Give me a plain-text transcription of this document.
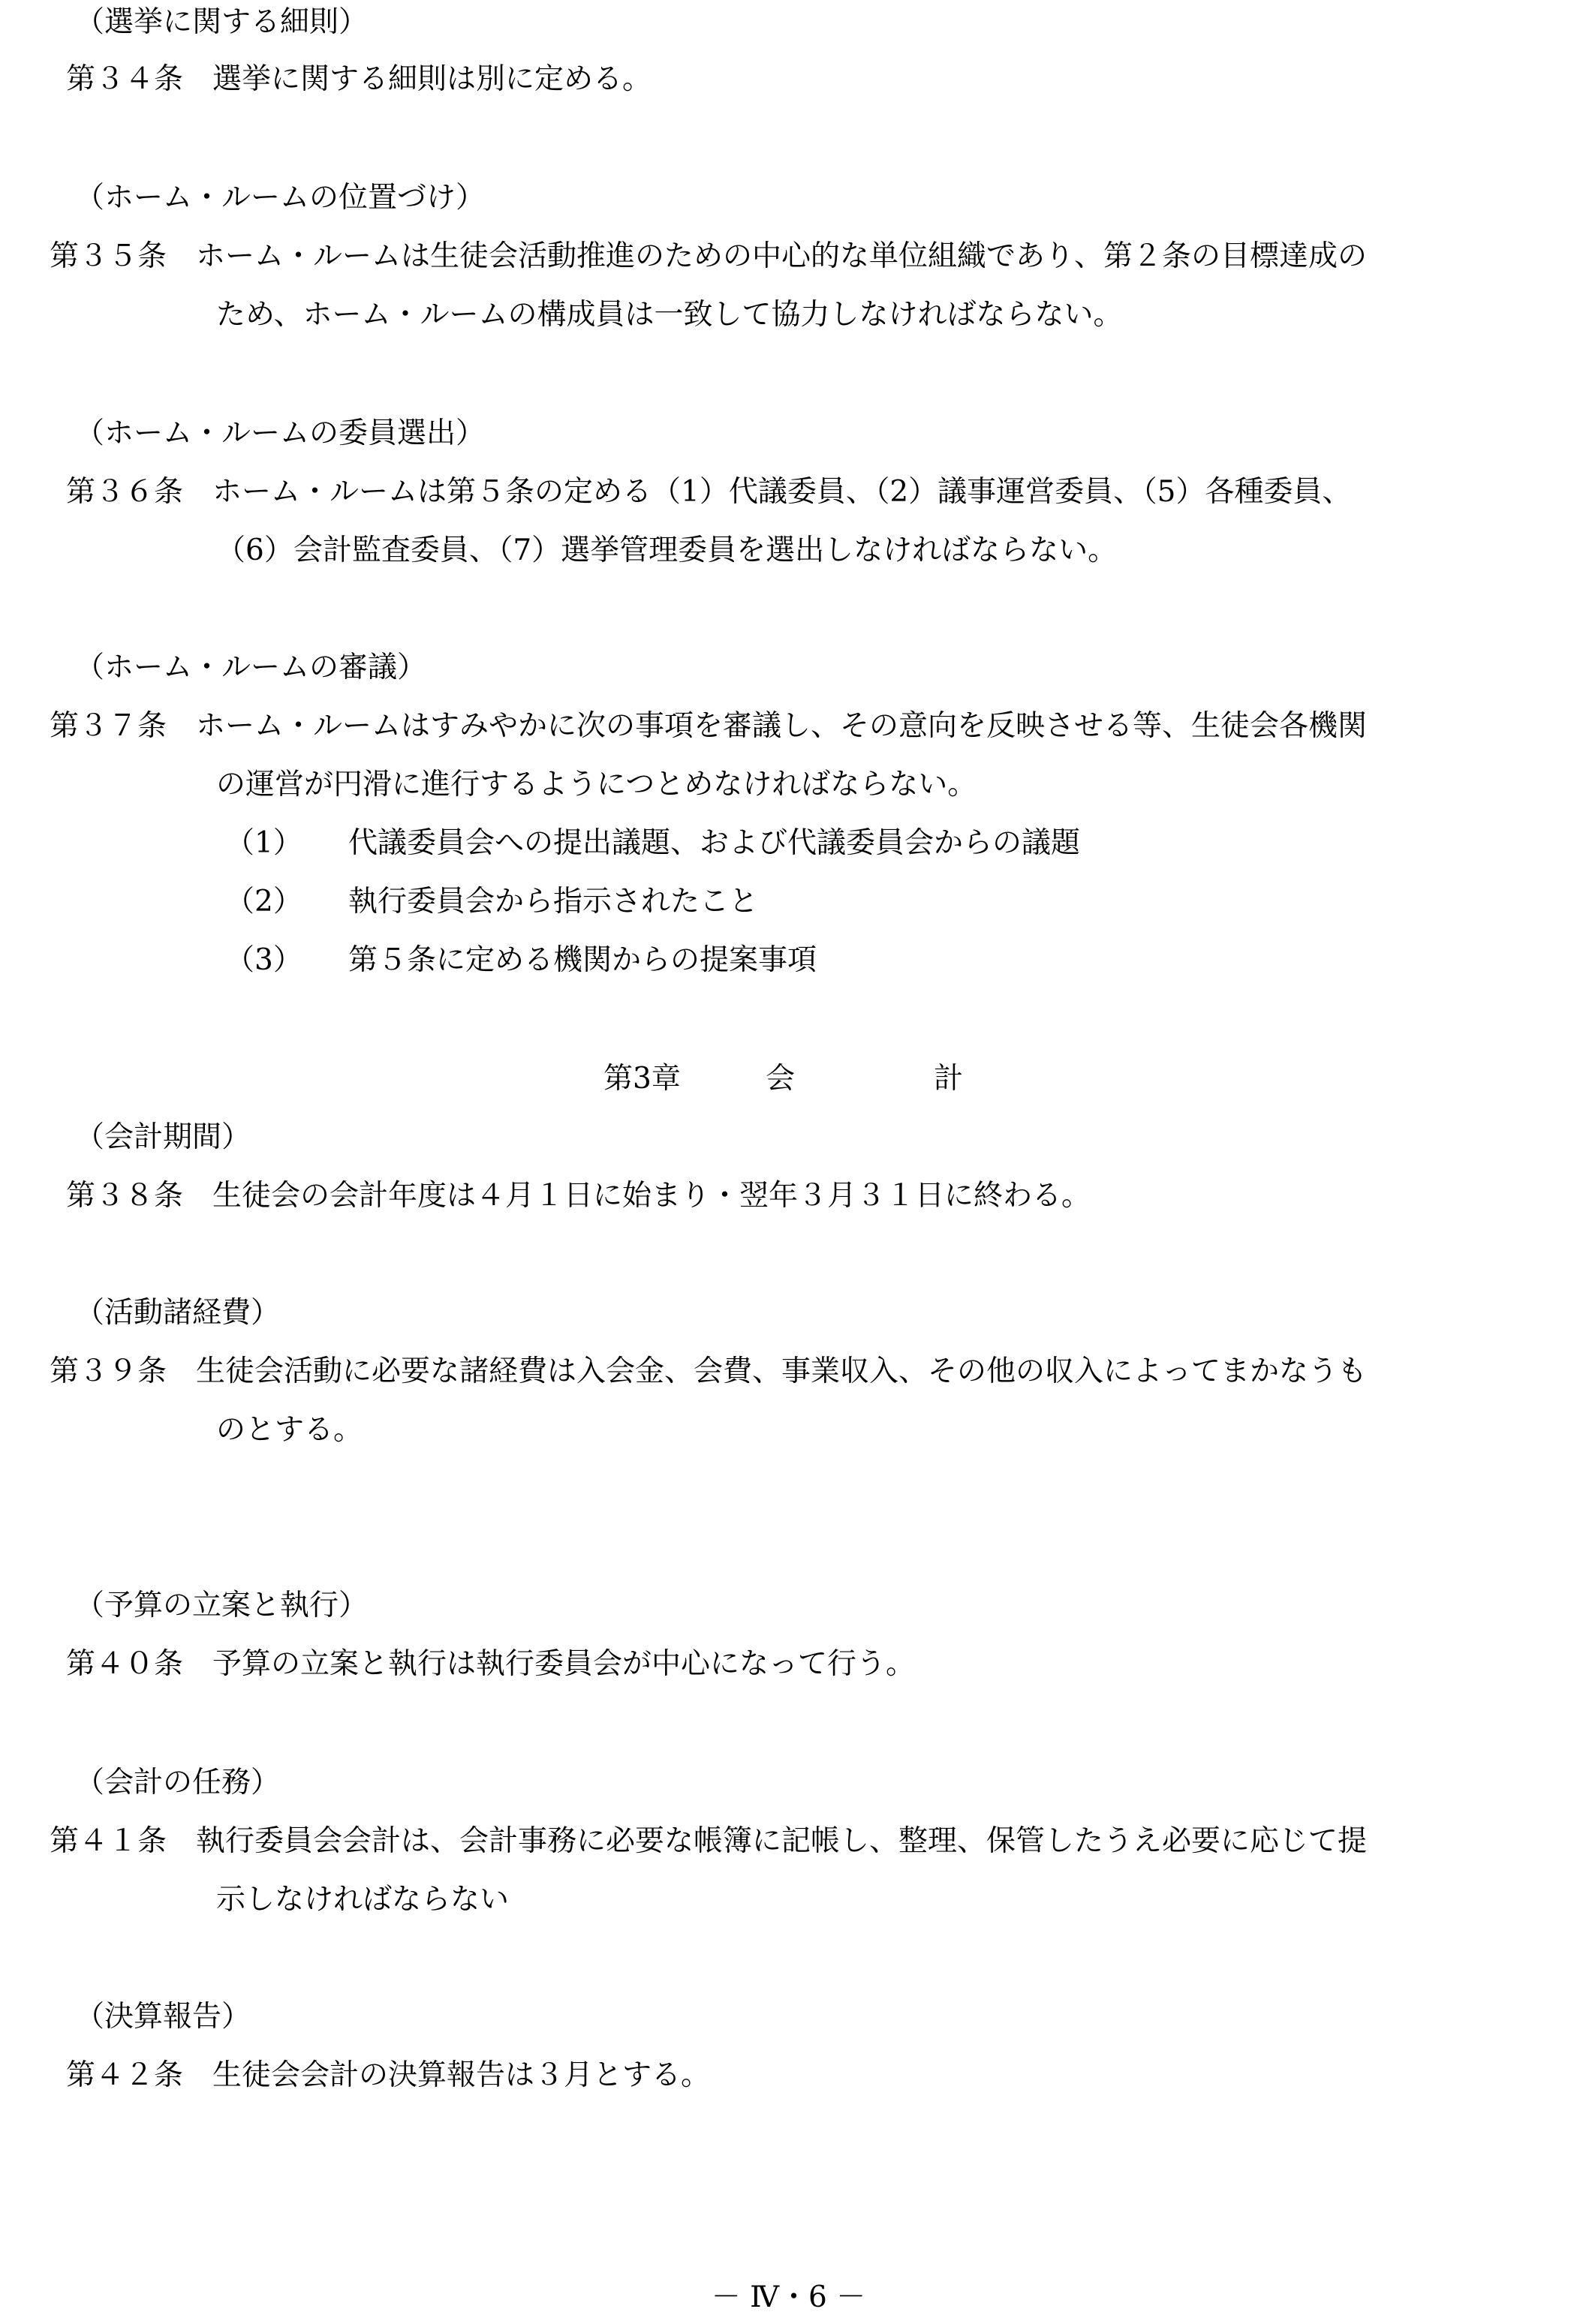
（選挙に関する細則）

第３４条　選挙に関する細則は別に定める。

（ホーム・ルームの位置づけ）

第３５条　ホーム・ルームは生徒会活動推進のための中心的な単位組織であり、第２条の目標達成の

ため、ホーム・ルームの構成員は一致して協力しなければならない。

（ホーム・ルームの委員選出）

第３６条　ホーム・ルームは第５条の定める（1）代議委員、（2）議事運営委員、（5）各種委員、

（6）会計監査委員、（7）選挙管理委員を選出しなければならない。

（ホーム・ルームの審議）

第３７条　ホーム・ルームはすみやかに次の事項を審議し、その意向を反映させる等、生徒会各機関

の運営が円滑に進行するようにつとめなければならない。

（1） 代議委員会への提出議題、および代議委員会からの議題

（2） 執行委員会から指示されたこと

（3） 第５条に定める機関からの提案事項

第3章	会	計

（会計期間）

第３８条　生徒会の会計年度は４月１日に始まり・翌年３月３１日に終わる。

（活動諸経費）

第３９条　生徒会活動に必要な諸経費は入会金、会費、事業収入、その他の収入によってまかなうも

のとする。

（予算の立案と執行）

第４０条　予算の立案と執行は執行委員会が中心になって行う。

（会計の任務）

第４１条　執行委員会会計は、会計事務に必要な帳簿に記帳し、整理、保管したうえ必要に応じて提

示しなければならない

（決算報告）

第４２条　生徒会会計の決算報告は３月とする。

－ Ⅳ・6 －
